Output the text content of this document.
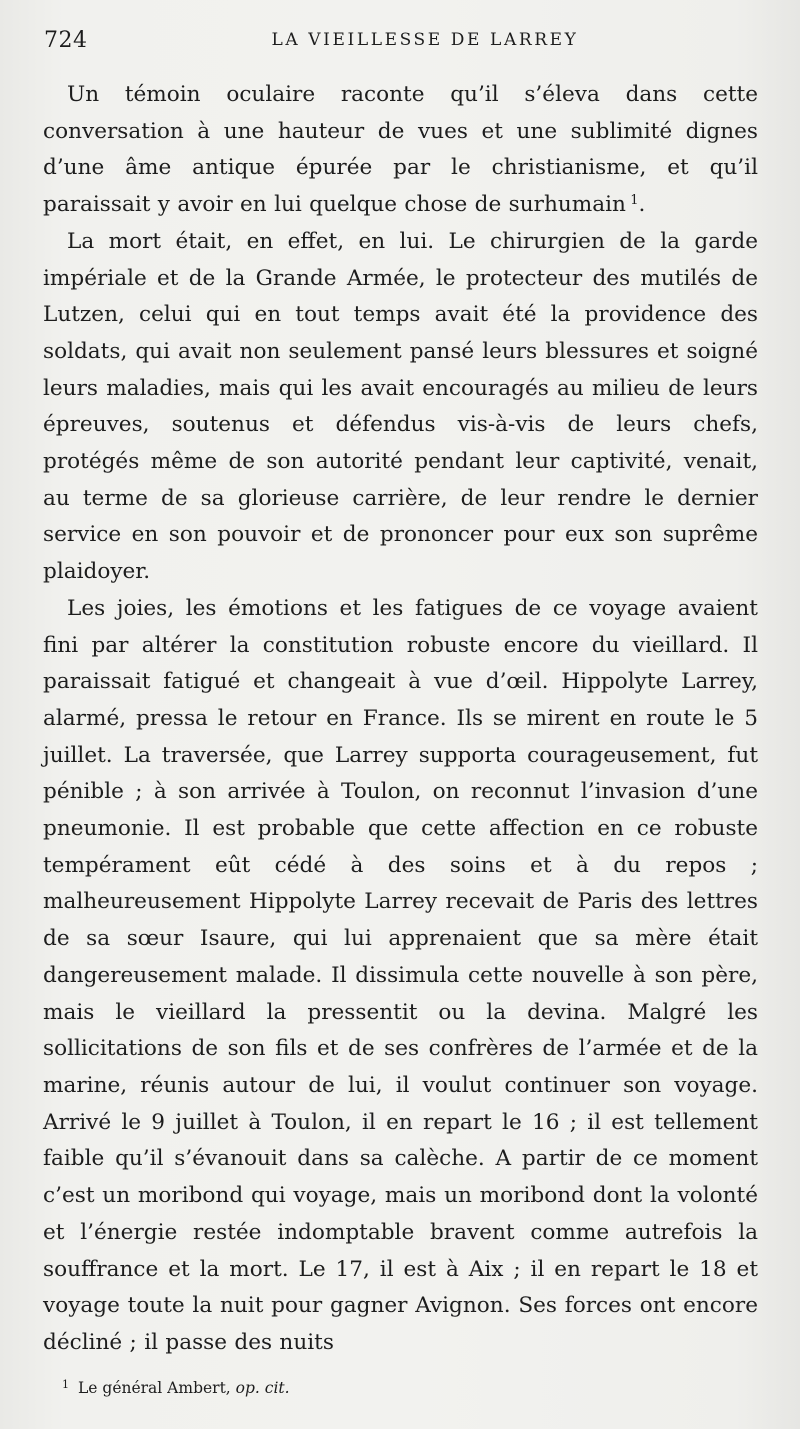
724	LA VIEILLESSE DE LARREY

Un témoin oculaire raconte qu’il s’éleva dans cette conversation à une hauteur de vues et une sublimité dignes d’une âme antique épurée par le christianisme, et qu’il paraissait y avoir en lui quelque chose de surhumain  $^1$.

La mort était, en effet, en lui. Le chirurgien de la garde impériale et de la Grande Armée, le protecteur des mutilés de Lutzen, celui qui en tout temps avait été la providence des soldats, qui avait non seulement pansé leurs blessures et soigné leurs maladies, mais qui les avait encouragés au milieu de leurs épreuves, soutenus et défendus vis-à-vis de leurs chefs, protégés même de son autorité pendant leur captivité, venait, au terme de sa glorieuse carrière, de leur rendre le dernier service en son pouvoir et de prononcer pour eux son suprême plaidoyer.

Les joies, les émotions et les fatigues de ce voyage avaient fini par altérer la constitution robuste encore du vieillard. Il paraissait fatigué et changeait à vue d’œil. Hippolyte Larrey, alarmé, pressa le retour en France. Ils se mirent en route le 5 juillet. La traversée, que Larrey supporta courageusement, fut pénible ; à son arrivée à Toulon, on reconnut l’invasion d’une pneumonie. Il est probable que cette affection en ce robuste tempérament eût cédé à des soins et à du repos ; malheureusement Hippolyte Larrey recevait de Paris des lettres de sa sœur Isaure, qui lui apprenaient que sa mère était dangereusement malade. Il dissimula cette nouvelle à son père, mais le vieillard la pressentit ou la devina. Malgré les sollicitations de son fils et de ses confrères de l’armée et de la marine, réunis autour de lui, il voulut continuer son voyage. Arrivé le 9 juillet à Toulon, il en repart le 16 ; il est tellement faible qu’il s’évanouit dans sa calèche. A partir de ce moment c’est un moribond qui voyage, mais un moribond dont la volonté et l’énergie restée indomptable bravent comme autrefois la souffrance et la mort. Le 17, il est à Aix ; il en repart le 18 et voyage toute la nuit pour gagner Avignon. Ses forces ont encore décliné ; il passe des nuits

$^1$ Le général Ambert, op. cit.
